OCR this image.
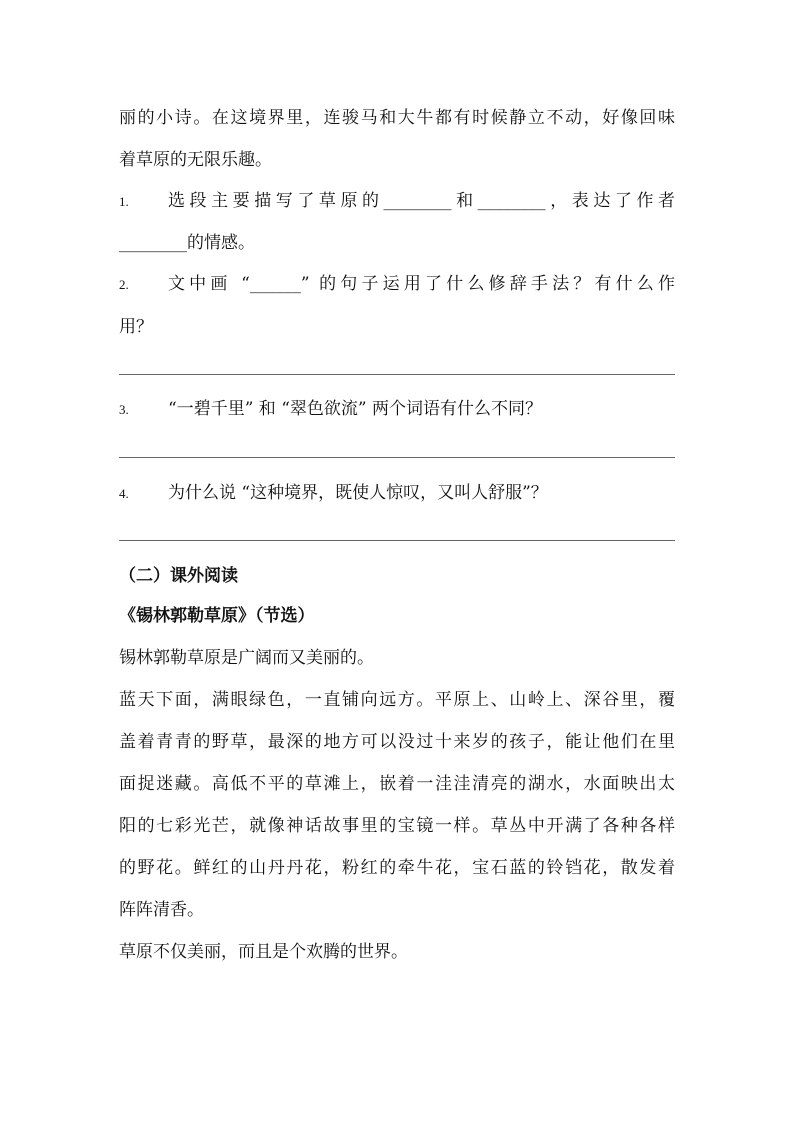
丽的小诗。在这境界里，连骏马和大牛都有时候静立不动，好像回味
着草原的无限乐趣。
1. 选段主要描写了草原的________和________，表达了作者
________的情感。
2. 文中画 “______” 的句子运用了什么修辞手法？有什么作
用？
3. “一碧千里” 和 “翠色欲流” 两个词语有什么不同？
4. 为什么说 “这种境界，既使人惊叹，又叫人舒服”？
（二）课外阅读
《锡林郭勒草原》（节选）
锡林郭勒草原是广阔而又美丽的。
蓝天下面，满眼绿色，一直铺向远方。平原上、山岭上、深谷里，覆
盖着青青的野草，最深的地方可以没过十来岁的孩子，能让他们在里
面捉迷藏。高低不平的草滩上，嵌着一洼洼清亮的湖水，水面映出太
阳的七彩光芒，就像神话故事里的宝镜一样。草丛中开满了各种各样
的野花。鲜红的山丹丹花，粉红的牵牛花，宝石蓝的铃铛花，散发着
阵阵清香。
草原不仅美丽，而且是个欢腾的世界。
